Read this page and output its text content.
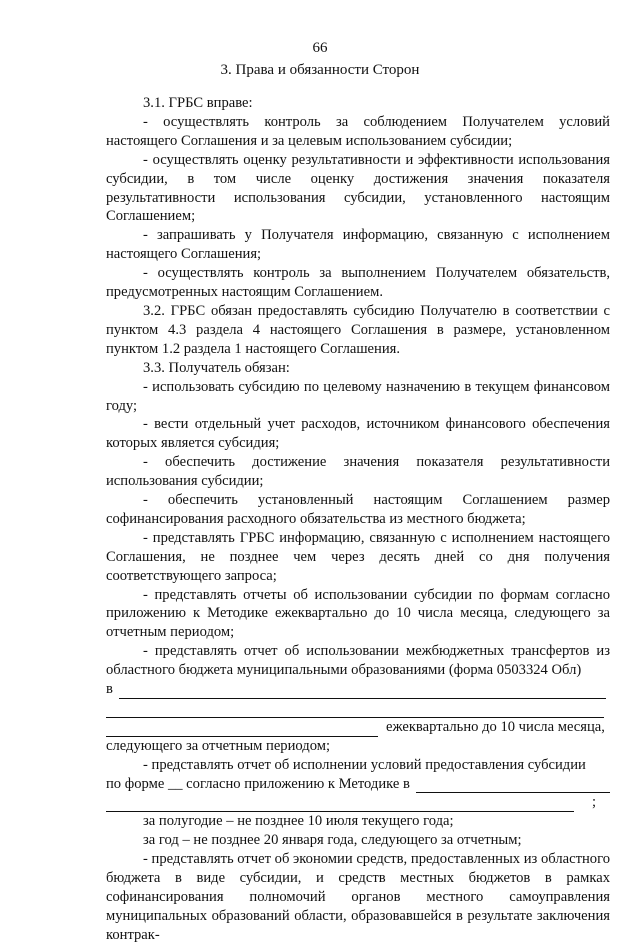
66
3. Права и обязанности Сторон

3.1. ГРБС вправе:

- осуществлять контроль за соблюдением Получателем условий настоящего Соглашения и за целевым использованием субсидии;

- осуществлять оценку результативности и эффективности использования субсидии, в том числе оценку достижения значения показателя результативности использования субсидии, установленного настоящим Соглашением;

- запрашивать у Получателя информацию, связанную с исполнением настоящего Соглашения;

- осуществлять контроль за выполнением Получателем обязательств, предусмотренных настоящим Соглашением.

3.2. ГРБС обязан предоставлять субсидию Получателю в соответствии с пунктом 4.3 раздела 4 настоящего Соглашения в размере, установленном пунктом 1.2 раздела 1 настоящего Соглашения.

3.3. Получатель обязан:

- использовать субсидию по целевому назначению в текущем финансовом году;

- вести отдельный учет расходов, источником финансового обеспечения которых является субсидия;

- обеспечить достижение значения показателя результативности использования субсидии;

- обеспечить установленный настоящим Соглашением размер софинансирования расходного обязательства из местного бюджета;

- представлять ГРБС информацию, связанную с исполнением настоящего Соглашения, не позднее чем через десять дней со дня получения соответствующего запроса;

- представлять отчеты об использовании субсидии по формам согласно приложению к Методике ежеквартально до 10 числа месяца, следующего за отчетным периодом;

- представлять отчет об использовании межбюджетных трансфертов из областного бюджета муниципальными образованиями (форма 0503324 Обл)

в
ежеквартально до 10 числа месяца,

следующего за отчетным периодом;

- представлять отчет об исполнении условий предоставления субсидии

по форме __ согласно приложению к Методике в
;

за полугодие – не позднее 10 июля текущего года;

за год – не позднее 20 января года, следующего за отчетным;

- представлять отчет об экономии средств, предоставленных из областного бюджета в виде субсидии, и средств местных бюджетов в рамках софинансирования полномочий органов местного самоуправления муниципальных образований области, образовавшейся в результате заключения контрак-
